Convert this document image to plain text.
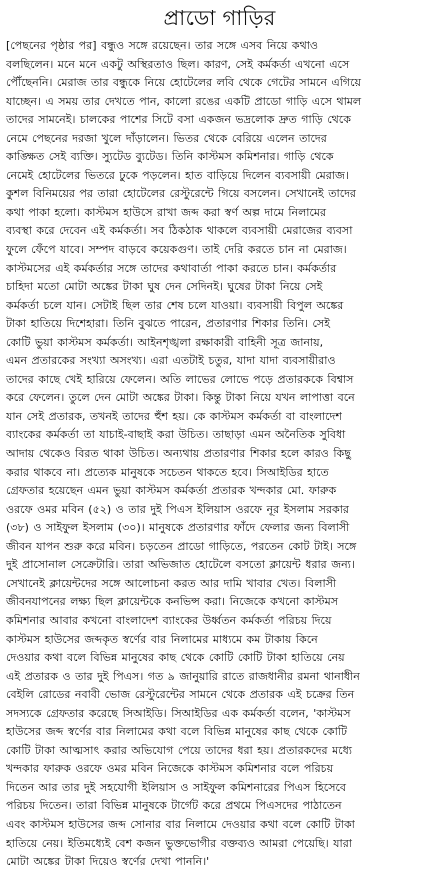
প্রাডো গাড়ির
[পেছনের পৃষ্ঠার পর] বন্ধুও সঙ্গে রয়েছেন। তার সঙ্গে এসব নিয়ে কথাও
বলছিলেন। মনে মনে একটু অস্থিরতাও ছিল। কারণ, সেই কর্মকর্তা এখনো এসে
পৌঁছেননি। মেরাজ তার বন্ধুকে নিয়ে হোটেলের লবি থেকে গেটের সামনে এগিয়ে
যাচ্ছেন। এ সময় তার দেখতে পান, কালো রঙের একটি প্রাডো গাড়ি এসে থামল
তাদের সামনেই। চালকের পাশের সিটে বসা একজন ভদ্রলোক দ্রুত গাড়ি থেকে
নেমে পেছনের দরজা খুলে দাঁড়ালেন। ভিতর থেকে বেরিয়ে এলেন তাদের
কাঙ্ক্ষিত সেই ব্যক্তি। স্যুটেড ব্যুটেড। তিনি কাস্টমস কমিশনার। গাড়ি থেকে
নেমেই হোটেলের ভিতরে ঢুকে পড়লেন। হাত বাড়িয়ে দিলেন ব্যবসায়ী মেরাজ।
কুশল বিনিময়ের পর তারা হোটেলের রেস্টুরেন্টে গিয়ে বসলেন। সেখানেই তাদের
কথা পাকা হলো। কাস্টমস হাউসে রাখা জব্দ করা স্বর্ণ অল্প দামে নিলামের
ব্যবস্থা করে দেবেন এই কর্মকর্তা। সব ঠিকঠাক থাকলে ব্যবসায়ী মেরাজের ব্যবসা
ফুলে ফেঁপে যাবে। সম্পদ বাড়বে কয়েকগুণ। তাই দেরি করতে চান না মেরাজ।
কাস্টমসের এই কর্মকর্তার সঙ্গে তাদের কথাবার্তা পাকা করতে চান। কর্মকর্তার
চাহিদা মতো মোটা অঙ্কের টাকা ঘুষ দেন সেদিনই। ঘুষের টাকা নিয়ে সেই
কর্মকর্তা চলে যান। সেটাই ছিল তার শেষ চলে যাওয়া। ব্যবসায়ী বিপুল অঙ্কের
টাকা হাতিয়ে দিশেহারা। তিনি বুঝতে পারেন, প্রতারণার শিকার তিনি। সেই
কোটি ভুয়া কাস্টমস কর্মকর্তা। আইনশৃঙ্খলা রক্ষাকারী বাহিনী সূত্র জানায়,
এমন প্রতারকের সংখ্যা অসংখ্য। এরা এতটাই চতুর, যাদা যাদা ব্যবসায়ীরাও
তাদের কাছে খেই হারিয়ে ফেলেন। অতি লাভের লোভে পড়ে প্রতারককে বিশ্বাস
করে ফেলেন। তুলে দেন মোটা অঙ্কের টাকা। কিন্তু টাকা নিয়ে যখন লাপাত্তা বনে
যান সেই প্রতারক, তখনই তাদের হুঁশ হয়। কে কাস্টমস কর্মকর্তা বা বাংলাদেশ
ব্যাংকের কর্মকর্তা তা যাচাই-বাছাই করা উচিত। তাছাড়া এমন অনৈতিক সুবিধা
আদায় থেকেও বিরত থাকা উচিত। অন্যথায় প্রতারণার শিকার হলে কারও কিছু
করার থাকবে না। প্রত্যেক মানুষকে সচেতন থাকতে হবে। সিআইডির হাতে
গ্রেফতার হয়েছেন এমন ভুয়া কাস্টমস কর্মকর্তা প্রতারক খন্দকার মো. ফারুক
ওরফে ওমর মবিন (৫২) ও তার দুই পিএস ইলিয়াস ওরফে নূর ইসলাম সরকার
(৩৮) ও সাইফুল ইসলাম (৩০)। মানুষকে প্রতারণার ফাঁদে ফেলার জন্য বিলাসী
জীবন যাপন শুরু করে মবিন। চড়তেন প্রাডো গাড়িতে, পরতেন কোট টাই। সঙ্গে
দুই প্রাসোনাল সেক্রেটারি। তারা অভিজাত হোটেলে বসতো ক্লায়েন্ট ধরার জন্য।
সেখানেই ক্লায়েন্টদের সঙ্গে আলোচনা করত আর দামি খাবার খেত। বিলাসী
জীবনযাপনের লক্ষ্য ছিল ক্লায়েন্টকে কনভিন্স করা। নিজেকে কখনো কাস্টমস
কমিশনার আবার কখনো বাংলাদেশ ব্যাংকের উর্ধ্বতন কর্মকর্তা পরিচয় দিয়ে
কাস্টমস হাউসের জব্দকৃত স্বর্ণের বার নিলামের মাধ্যমে কম টাকায় কিনে
দেওয়ার কথা বলে বিভিন্ন মানুষের কাছ থেকে কোটি কোটি টাকা হাতিয়ে নেয়
এই প্রতারক ও তার দুই পিএস। গত ৯ জানুয়ারি রাতে রাজধানীর রমনা থানাধীন
বেইলি রোডের নবাবী ভোজ রেস্টুরেন্টের সামনে থেকে প্রতারক এই চক্রের তিন
সদস্যকে গ্রেফতার করেছে সিআইডি। সিআইডির এক কর্মকর্তা বলেন, 'কাস্টমস
হাউসের জব্দ স্বর্ণের বার নিলামের কথা বলে বিভিন্ন মানুষের কাছ থেকে কোটি
কোটি টাকা আত্মসাৎ করার অভিযোগ পেয়ে তাদের ধরা হয়। প্রতারকদের মধ্যে
খন্দকার ফারুক ওরফে ওমর মবিন নিজেকে কাস্টমস কমিশনার বলে পরিচয়
দিতেন আর তার দুই সহযোগী ইলিয়াস ও সাইফুল কমিশনারের পিএস হিসেবে
পরিচয় দিতেন। তারা বিভিন্ন মানুষকে টার্গেট করে প্রথমে পিএসদের পাঠাতেন
এবং কাস্টমস হাউসের জব্দ সোনার বার নিলামে দেওয়ার কথা বলে কোটি টাকা
হাতিয়ে নেয়। ইতিমধ্যেই বেশ কজন ভুক্তভোগীর বক্তব্যও আমরা পেয়েছি। যারা
মোটা অঙ্কের টাকা দিয়েও স্বর্ণের দেখা পাননি।'
